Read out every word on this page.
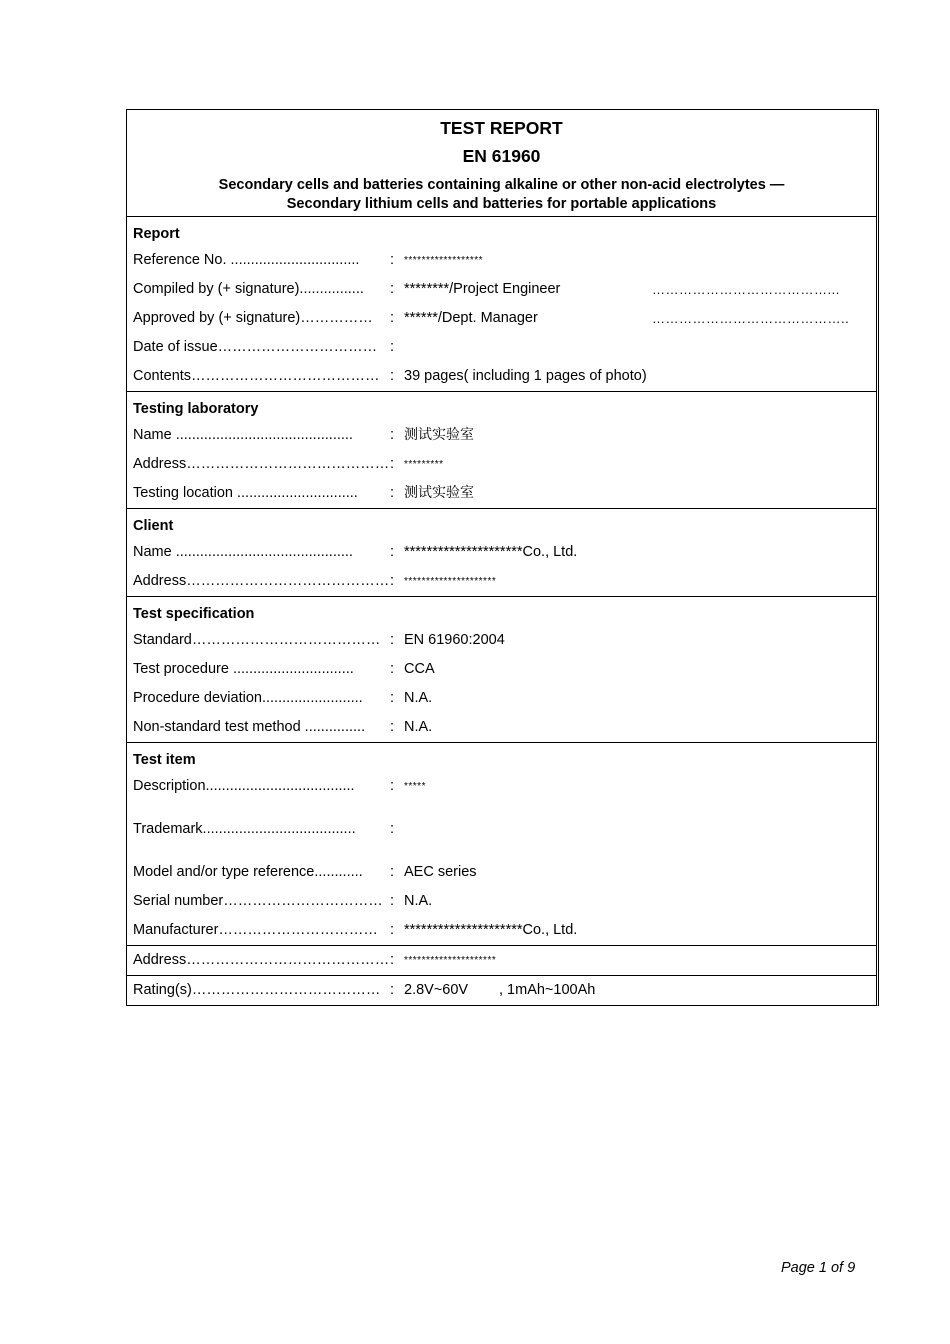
TEST REPORT
EN 61960
Secondary cells and batteries containing alkaline or other non-acid electrolytes —
Secondary lithium cells and batteries for portable applications
Report
Reference No. ................................	: ******************
Compiled by (+ signature)................	: ********/Project Engineer	…………………………………...
Approved by (+ signature)……………	: ******/Dept. Manager	……………………………………..
Date of issue…………………………… :
Contents………………………………… : 39 pages( including 1 pages of photo)
Testing laboratory
Name ............................................	: 测试实验室
Address…………………………………… : *********
Testing location ..............................	: 测试实验室
Client
Name ............................................	: *********************Co., Ltd.
Address…………………………………… : *********************
Test specification
Standard………………………………… : EN 61960:2004
Test procedure ..............................	: CCA
Procedure deviation.........................	: N.A.
Non-standard test method ...............	: N.A.
Test item
Description.....................................	: *****
Trademark......................................	:
Model and/or type reference............	: AEC series
Serial number…………………………… : N.A.
Manufacturer…………………………… : *********************Co., Ltd.
Address…………………………………… : *********************
Rating(s)………………………………… : 2.8V~60V , 1mAh~100Ah
Page 1 of 9
